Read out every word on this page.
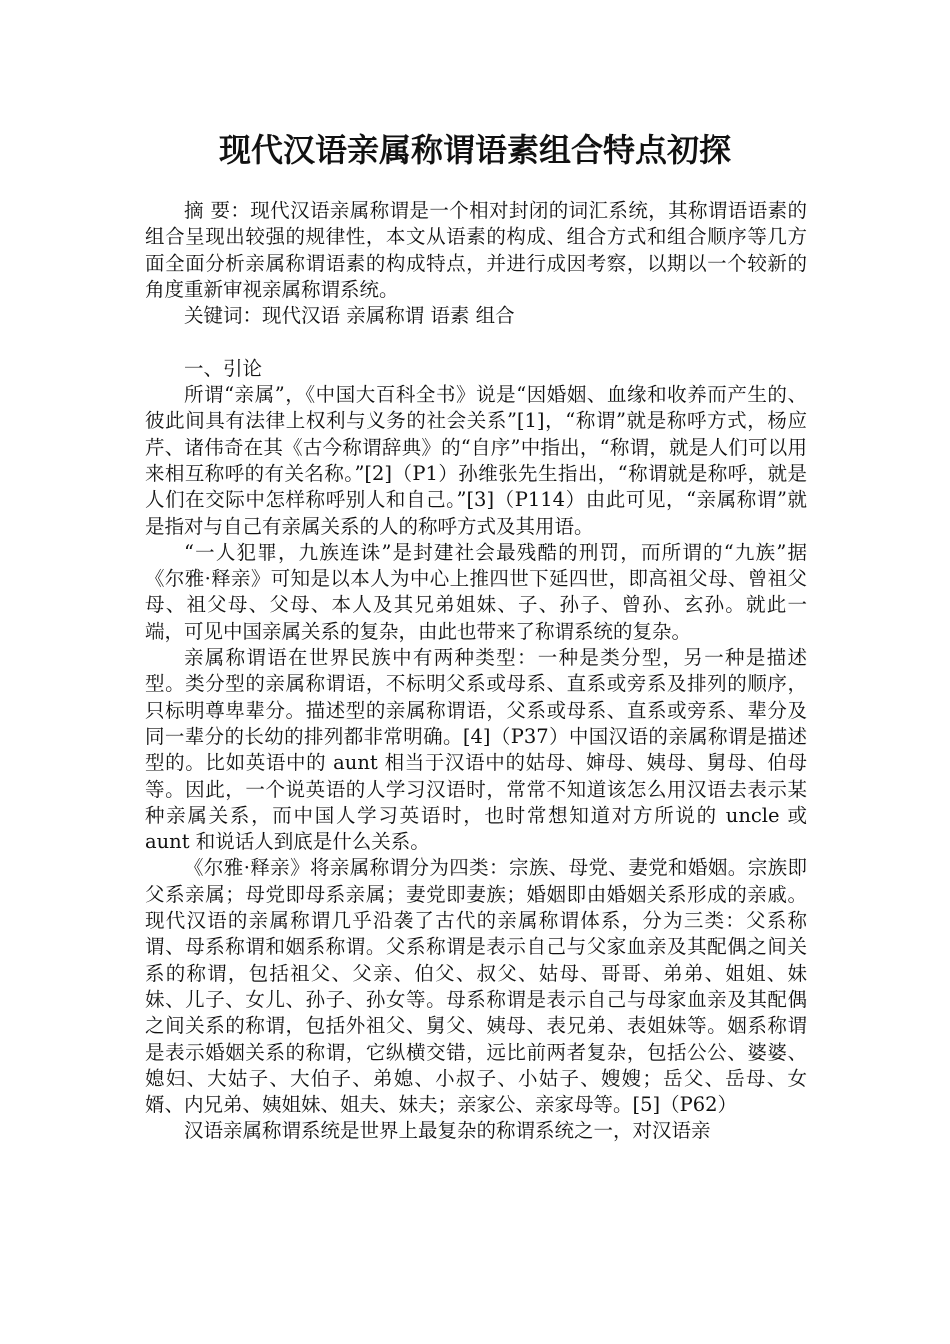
现代汉语亲属称谓语素组合特点初探

摘 要：现代汉语亲属称谓是一个相对封闭的词汇系统，其称谓语语素的组合呈现出较强的规律性，本文从语素的构成、组合方式和组合顺序等几方面全面分析亲属称谓语素的构成特点，并进行成因考察，以期以一个较新的角度重新审视亲属称谓系统。

关键词：现代汉语 亲属称谓 语素 组合

一、引论

所谓“亲属”，《中国大百科全书》说是“因婚姻、血缘和收养而产生的、彼此间具有法律上权利与义务的社会关系”[1]，“称谓”就是称呼方式，杨应芹、诸伟奇在其《古今称谓辞典》的“自序”中指出，“称谓，就是人们可以用来相互称呼的有关名称。”[2]（P1）孙维张先生指出，“称谓就是称呼，就是人们在交际中怎样称呼别人和自己。”[3]（P114）由此可见，“亲属称谓”就是指对与自己有亲属关系的人的称呼方式及其用语。

“一人犯罪，九族连诛”是封建社会最残酷的刑罚，而所谓的“九族”据《尔雅·释亲》可知是以本人为中心上推四世下延四世，即高祖父母、曾祖父母、祖父母、父母、本人及其兄弟姐妹、子、孙子、曾孙、玄孙。就此一端，可见中国亲属关系的复杂，由此也带来了称谓系统的复杂。

亲属称谓语在世界民族中有两种类型：一种是类分型，另一种是描述型。类分型的亲属称谓语，不标明父系或母系、直系或旁系及排列的顺序，只标明尊卑辈分。描述型的亲属称谓语，父系或母系、直系或旁系、辈分及同一辈分的长幼的排列都非常明确。[4]（P37）中国汉语的亲属称谓是描述型的。比如英语中的 aunt 相当于汉语中的姑母、婶母、姨母、舅母、伯母等。因此，一个说英语的人学习汉语时，常常不知道该怎么用汉语去表示某种亲属关系，而中国人学习英语时，也时常想知道对方所说的 uncle 或 aunt 和说话人到底是什么关系。

《尔雅·释亲》将亲属称谓分为四类：宗族、母党、妻党和婚姻。宗族即父系亲属；母党即母系亲属；妻党即妻族；婚姻即由婚姻关系形成的亲戚。现代汉语的亲属称谓几乎沿袭了古代的亲属称谓体系，分为三类：父系称谓、母系称谓和姻系称谓。父系称谓是表示自己与父家血亲及其配偶之间关系的称谓，包括祖父、父亲、伯父、叔父、姑母、哥哥、弟弟、姐姐、妹妹、儿子、女儿、孙子、孙女等。母系称谓是表示自己与母家血亲及其配偶之间关系的称谓，包括外祖父、舅父、姨母、表兄弟、表姐妹等。姻系称谓是表示婚姻关系的称谓，它纵横交错，远比前两者复杂，包括公公、婆婆、媳妇、大姑子、大伯子、弟媳、小叔子、小姑子、嫂嫂；岳父、岳母、女婿、内兄弟、姨姐妹、姐夫、妹夫；亲家公、亲家母等。[5]（P62）

汉语亲属称谓系统是世界上最复杂的称谓系统之一，对汉语亲
